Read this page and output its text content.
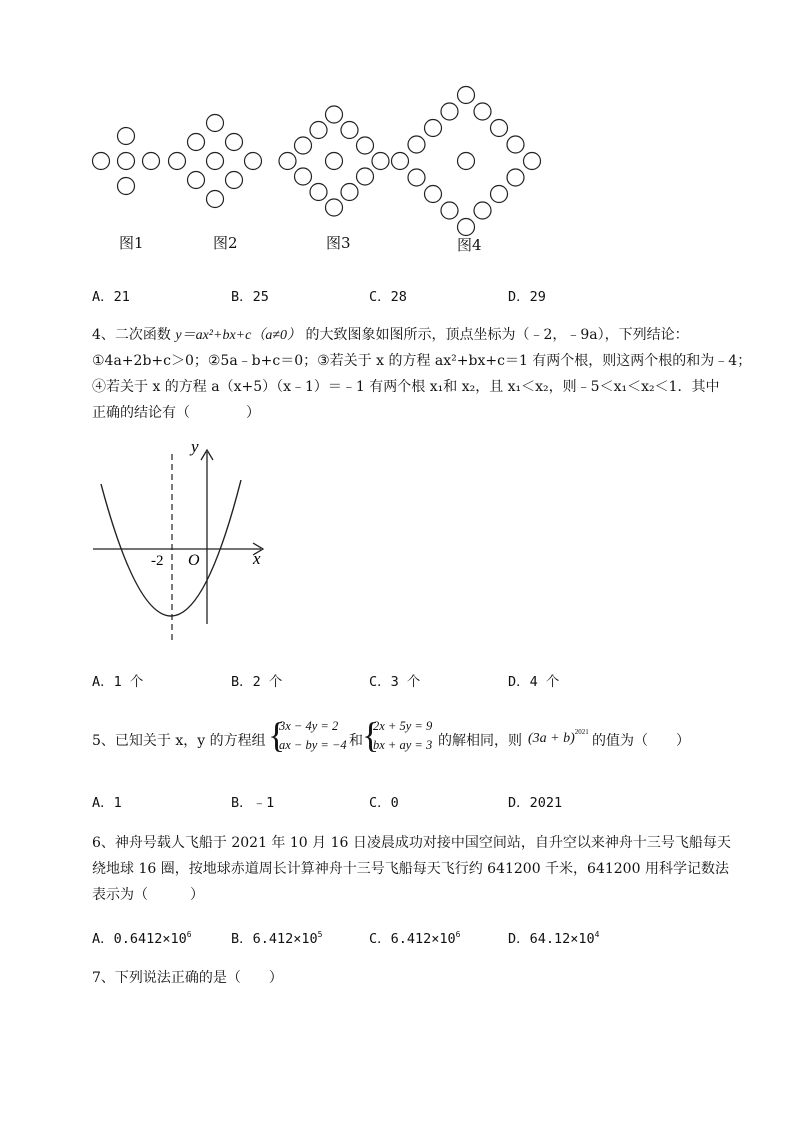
图1	图2	图3	图4
A．21	B．25	C．28	D．29
4、二次函数 y＝ax²+bx+c（a≠0） 的大致图象如图所示，顶点坐标为（﹣2，﹣9a），下列结论：
①4a+2b+c＞0；②5a﹣b+c＝0；③若关于 x 的方程 ax²+bx+c＝1 有两个根，则这两个根的和为﹣4；
④若关于 x 的方程 a（x+5）（x﹣1）＝﹣1 有两个根 x₁和 x₂，且 x₁＜x₂，则﹣5＜x₁＜x₂＜1．其中
正确的结论有（　　　　）
y
x
O
-2
A．1 个	B．2 个	C．3 个	D．4 个
5、已知关于 x，y 的方程组 {
3x − 4y = 2
ax − by = −4 和 {
2x + 5y = 9
bx + ay = 3 的解相同，则 $(3a + b)^{2021}$
的值为（　　）
A．1	B．﹣1	C．0	D．2021
6、神舟号载人飞船于 2021 年 10 月 16 日凌晨成功对接中国空间站，自升空以来神舟十三号飞船每天
绕地球 16 圈，按地球赤道周长计算神舟十三号飞船每天飞行约 641200 千米，641200 用科学记数法
表示为（　　　）
A．$0.6412\times 10^6$	B．$6.412\times 10^5$	C．$6.412\times 10^6$	D．$64.12\times 10^4$
7、下列说法正确的是（　　）
